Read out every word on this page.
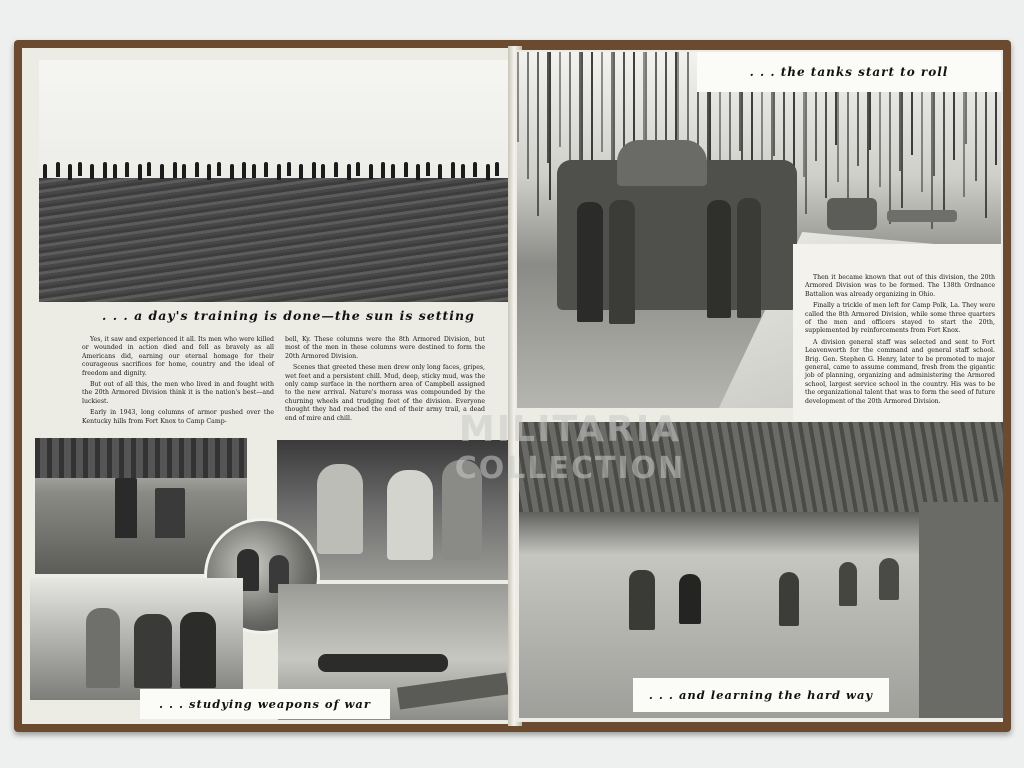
. . . a day's training is done—the sun is setting

Yes, it saw and experienced it all. Its men who were killed or wounded in action died and fell as bravely as all Americans did, earning our eternal homage for their courageous sacrifices for home, country and the ideal of freedom and dignity.

But out of all this, the men who lived in and fought with the 20th Armored Division think it is the nation's best—and luckiest.

Early in 1943, long columns of armor pushed over the Kentucky hills from Fort Knox to Camp Camp-

bell, Ky. These columns were the 8th Armored Division, but most of the men in these columns were destined to form the 20th Armored Division.

Scenes that greeted these men drew only long faces, gripes, wet feet and a persistent chill. Mud, deep, sticky mud, was the only camp surface in the northern area of Campbell assigned to the new arrival. Nature's morass was compounded by the churning wheels and trudging feet of the division. Everyone thought they had reached the end of their army trail, a dead end of mire and chill.

. . . studying weapons of war
. . . the tanks start to roll

Then it became known that out of this division, the 20th Armored Division was to be formed. The 138th Ordnance Battalion was already organizing in Ohio.

Finally a trickle of men left for Camp Polk, La. They were called the 8th Armored Division, while some three quarters of the men and officers stayed to start the 20th, supplemented by reinforcements from Fort Knox.

A division general staff was selected and sent to Fort Leavenworth for the command and general staff school. Brig. Gen. Stephen G. Henry, later to be promoted to major general, came to assume command, fresh from the gigantic job of planning, organizing and administering the Armored school, largest service school in the country. His was to be the organizational talent that was to form the seed of future development of the 20th Armored Division.

. . . and learning the hard way
MILITARIA
COLLECTION
